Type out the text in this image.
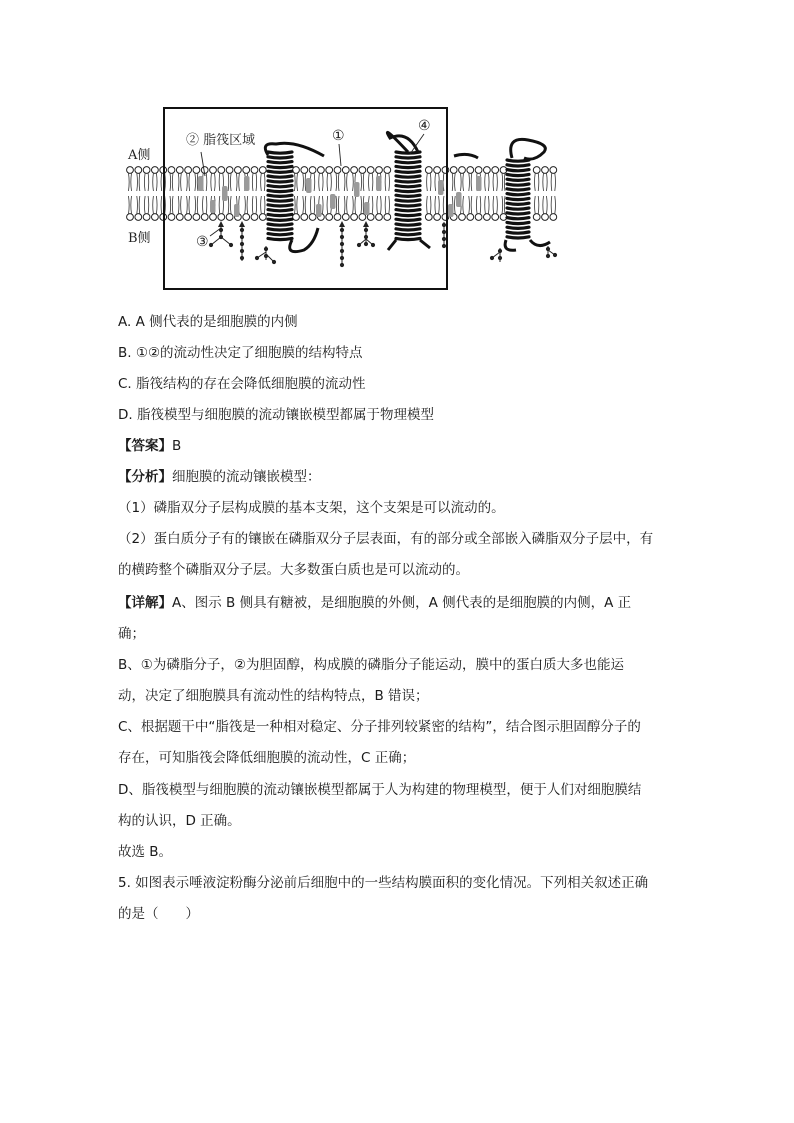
A侧
B侧
② 脂筏区域	①
③
④
A. A 侧代表的是细胞膜的内侧
B. ①②的流动性决定了细胞膜的结构特点
C. 脂筏结构的存在会降低细胞膜的流动性
D. 脂筏模型与细胞膜的流动镶嵌模型都属于物理模型
【答案】B
【分析】细胞膜的流动镶嵌模型：
（1）磷脂双分子层构成膜的基本支架，这个支架是可以流动的。
（2）蛋白质分子有的镶嵌在磷脂双分子层表面，有的部分或全部嵌入磷脂双分子层中，有
的横跨整个磷脂双分子层。大多数蛋白质也是可以流动的。
【详解】A、图示 B 侧具有糖被，是细胞膜的外侧，A 侧代表的是细胞膜的内侧，A 正
确；
B、①为磷脂分子，②为胆固醇，构成膜的磷脂分子能运动，膜中的蛋白质大多也能运
动，决定了细胞膜具有流动性的结构特点，B 错误；
C、根据题干中“脂筏是一种相对稳定、分子排列较紧密的结构”，结合图示胆固醇分子的
存在，可知脂筏会降低细胞膜的流动性，C 正确；
D、脂筏模型与细胞膜的流动镶嵌模型都属于人为构建的物理模型，便于人们对细胞膜结
构的认识，D 正确。
故选 B。
5. 如图表示唾液淀粉酶分泌前后细胞中的一些结构膜面积的变化情况。下列相关叙述正确
的是（　　）
